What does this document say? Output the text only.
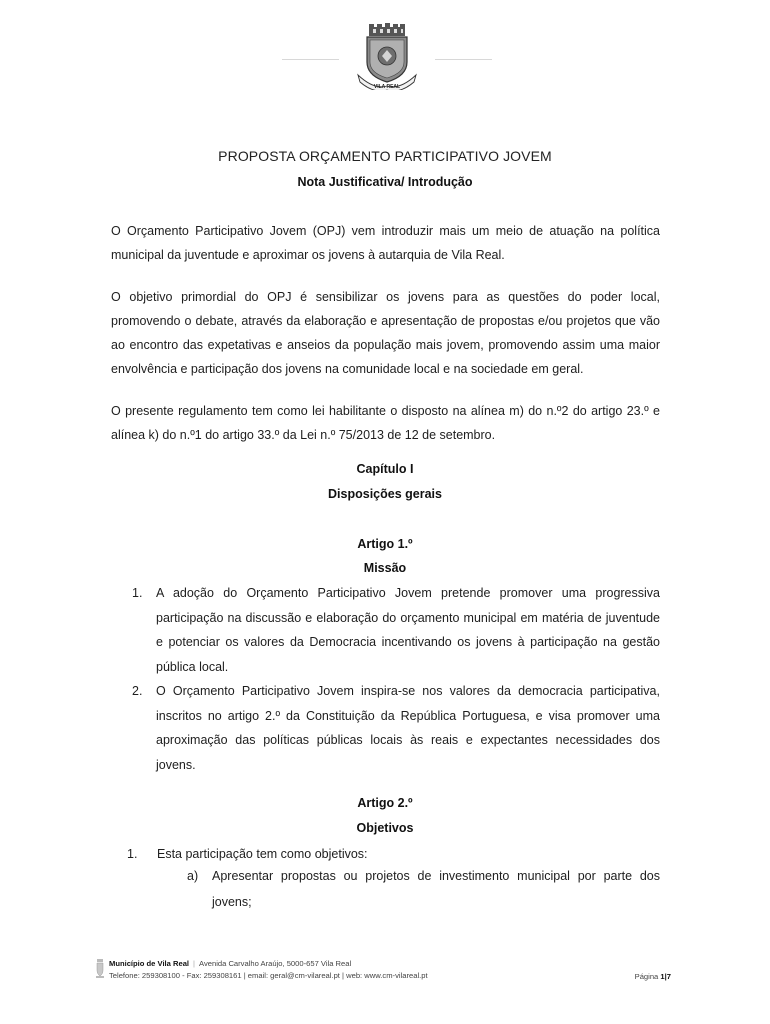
VILA REAL
PROPOSTA ORÇAMENTO PARTICIPATIVO JOVEM
Nota Justificativa/ Introdução
O Orçamento Participativo Jovem (OPJ) vem introduzir mais um meio de atuação na política municipal da juventude e aproximar os jovens à autarquia de Vila Real.
O objetivo primordial do OPJ é sensibilizar os jovens para as questões do poder local, promovendo o debate, através da elaboração e apresentação de propostas e/ou projetos que vão ao encontro das expetativas e anseios da população mais jovem, promovendo assim uma maior envolvência e participação dos jovens na comunidade local e na sociedade em geral.
O presente regulamento tem como lei habilitante o disposto na alínea m) do n.º2 do artigo 23.º e alínea k) do n.º1 do artigo 33.º da Lei n.º 75/2013 de 12 de setembro.
Capítulo I
Disposições gerais
Artigo 1.º
Missão
1. A adoção do Orçamento Participativo Jovem pretende promover uma progressiva participação na discussão e elaboração do orçamento municipal em matéria de juventude e potenciar os valores da Democracia incentivando os jovens à participação na gestão pública local.
2. O Orçamento Participativo Jovem inspira-se nos valores da democracia participativa, inscritos no artigo 2.º da Constituição da República Portuguesa, e visa promover uma aproximação das políticas públicas locais às reais e expectantes necessidades dos jovens.
Artigo 2.º
Objetivos
1. Esta participação tem como objetivos:
a)	Apresentar propostas ou projetos de investimento municipal por parte dos jovens;
Município de Vila Real | Avenida Carvalho Araújo, 5000-657 Vila Real
Telefone: 259308100 - Fax: 259308161 | email: geral@cm-vilareal.pt | web: www.cm-vilareal.pt	Página 1|7
